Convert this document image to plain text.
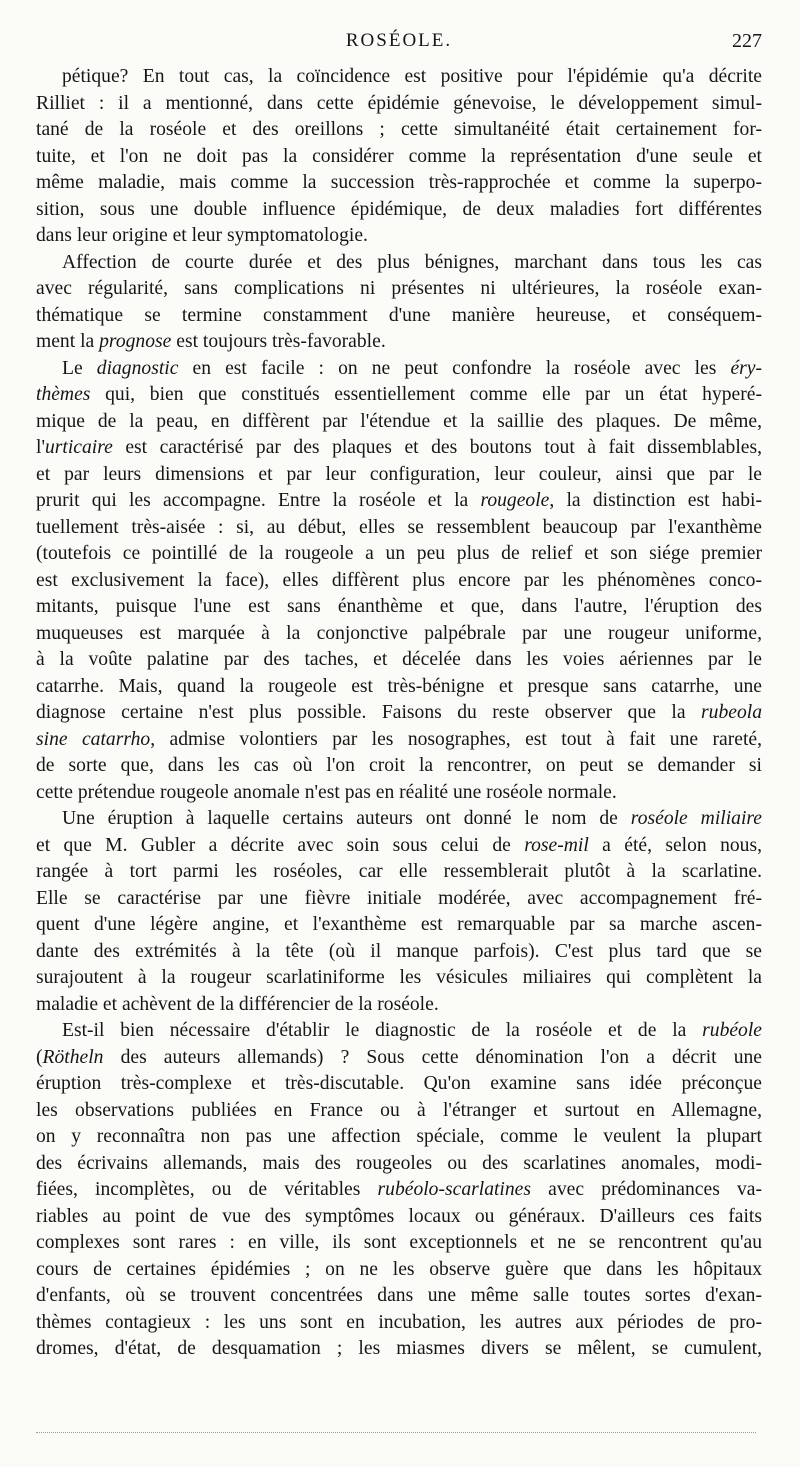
ROSÉOLE.	227
pétique? En tout cas, la coïncidence est positive pour l'épidémie qu'a décrite
Rilliet : il a mentionné, dans cette épidémie génevoise, le développement simul-
tané de la roséole et des oreillons ; cette simultanéité était certainement for-
tuite, et l'on ne doit pas la considérer comme la représentation d'une seule et
même maladie, mais comme la succession très-rapprochée et comme la superpo-
sition, sous une double influence épidémique, de deux maladies fort différentes
dans leur origine et leur symptomatologie.
Affection de courte durée et des plus bénignes, marchant dans tous les cas
avec régularité, sans complications ni présentes ni ultérieures, la roséole exan-
thématique se termine constamment d'une manière heureuse, et conséquem-
ment la prognose est toujours très-favorable.
Le diagnostic en est facile : on ne peut confondre la roséole avec les éry-
thèmes qui, bien que constitués essentiellement comme elle par un état hyperé-
mique de la peau, en diffèrent par l'étendue et la saillie des plaques. De même,
l'urticaire est caractérisé par des plaques et des boutons tout à fait dissemblables,
et par leurs dimensions et par leur configuration, leur couleur, ainsi que par le
prurit qui les accompagne. Entre la roséole et la rougeole, la distinction est habi-
tuellement très-aisée : si, au début, elles se ressemblent beaucoup par l'exanthème
(toutefois ce pointillé de la rougeole a un peu plus de relief et son siége premier
est exclusivement la face), elles diffèrent plus encore par les phénomènes conco-
mitants, puisque l'une est sans énanthème et que, dans l'autre, l'éruption des
muqueuses est marquée à la conjonctive palpébrale par une rougeur uniforme,
à la voûte palatine par des taches, et décelée dans les voies aériennes par le
catarrhe. Mais, quand la rougeole est très-bénigne et presque sans catarrhe, une
diagnose certaine n'est plus possible. Faisons du reste observer que la rubeola
sine catarrho, admise volontiers par les nosographes, est tout à fait une rareté,
de sorte que, dans les cas où l'on croit la rencontrer, on peut se demander si
cette prétendue rougeole anomale n'est pas en réalité une roséole normale.
Une éruption à laquelle certains auteurs ont donné le nom de roséole miliaire
et que M. Gubler a décrite avec soin sous celui de rose-mil a été, selon nous,
rangée à tort parmi les roséoles, car elle ressemblerait plutôt à la scarlatine.
Elle se caractérise par une fièvre initiale modérée, avec accompagnement fré-
quent d'une légère angine, et l'exanthème est remarquable par sa marche ascen-
dante des extrémités à la tête (où il manque parfois). C'est plus tard que se
surajoutent à la rougeur scarlatiniforme les vésicules miliaires qui complètent la
maladie et achèvent de la différencier de la roséole.
Est-il bien nécessaire d'établir le diagnostic de la roséole et de la rubéole
(Rötheln des auteurs allemands) ? Sous cette dénomination l'on a décrit une
éruption très-complexe et très-discutable. Qu'on examine sans idée préconçue
les observations publiées en France ou à l'étranger et surtout en Allemagne,
on y reconnaîtra non pas une affection spéciale, comme le veulent la plupart
des écrivains allemands, mais des rougeoles ou des scarlatines anomales, modi-
fiées, incomplètes, ou de véritables rubéolo-scarlatines avec prédominances va-
riables au point de vue des symptômes locaux ou généraux. D'ailleurs ces faits
complexes sont rares : en ville, ils sont exceptionnels et ne se rencontrent qu'au
cours de certaines épidémies ; on ne les observe guère que dans les hôpitaux
d'enfants, où se trouvent concentrées dans une même salle toutes sortes d'exan-
thèmes contagieux : les uns sont en incubation, les autres aux périodes de pro-
dromes, d'état, de desquamation ; les miasmes divers se mêlent, se cumulent,
